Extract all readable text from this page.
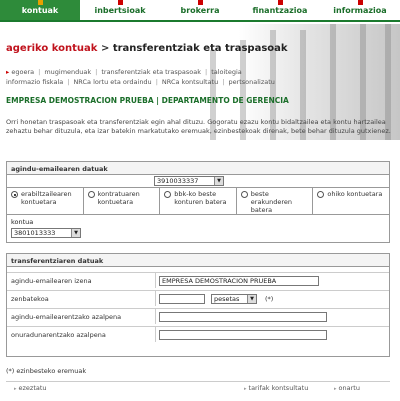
kontuak	inbertsioak	brokerra	finantzazioa	informazioa
ageriko kontuak > transferentziak eta traspasoak
▸ egoera | mugimenduak | transferentziak eta traspasoak | taloitegia
informazio fiskala | NRCa lortu eta ordaindu | NRCa kontsultatu | pertsonalizatu
EMPRESA DEMOSTRACION PRUEBA | DEPARTAMENTO DE GERENCIA
Orri honetan traspasoak eta transferentziak egin ahal dituzu. Gogoratu ezazu kontu bidaltzailea eta kontu hartzailea zehaztu behar dituzula, eta izar batekin markatutako eremuak, ezinbestekoak direnak, bete behar dituzula gutxienez.
agindu-emailearen datuak
3910033337	▼
erabiltzailearen kontuetara
kontratuaren kontuetara
bbk-ko beste konturen batera
beste erakunderen batera
ohiko kontuetara
kontua
3801013333	▼
transferentziaren datuak
agindu-emailearen izena	EMPRESA DEMOSTRACION PRUEBA
zenbatekoa	pesetas	▼	(*)
agindu-emailearentzako azalpena
onuradunarentzako azalpena
(*) ezinbesteko eremuak
▸ ezeztatu	▸ tarifak kontsultatu	▸ onartu
